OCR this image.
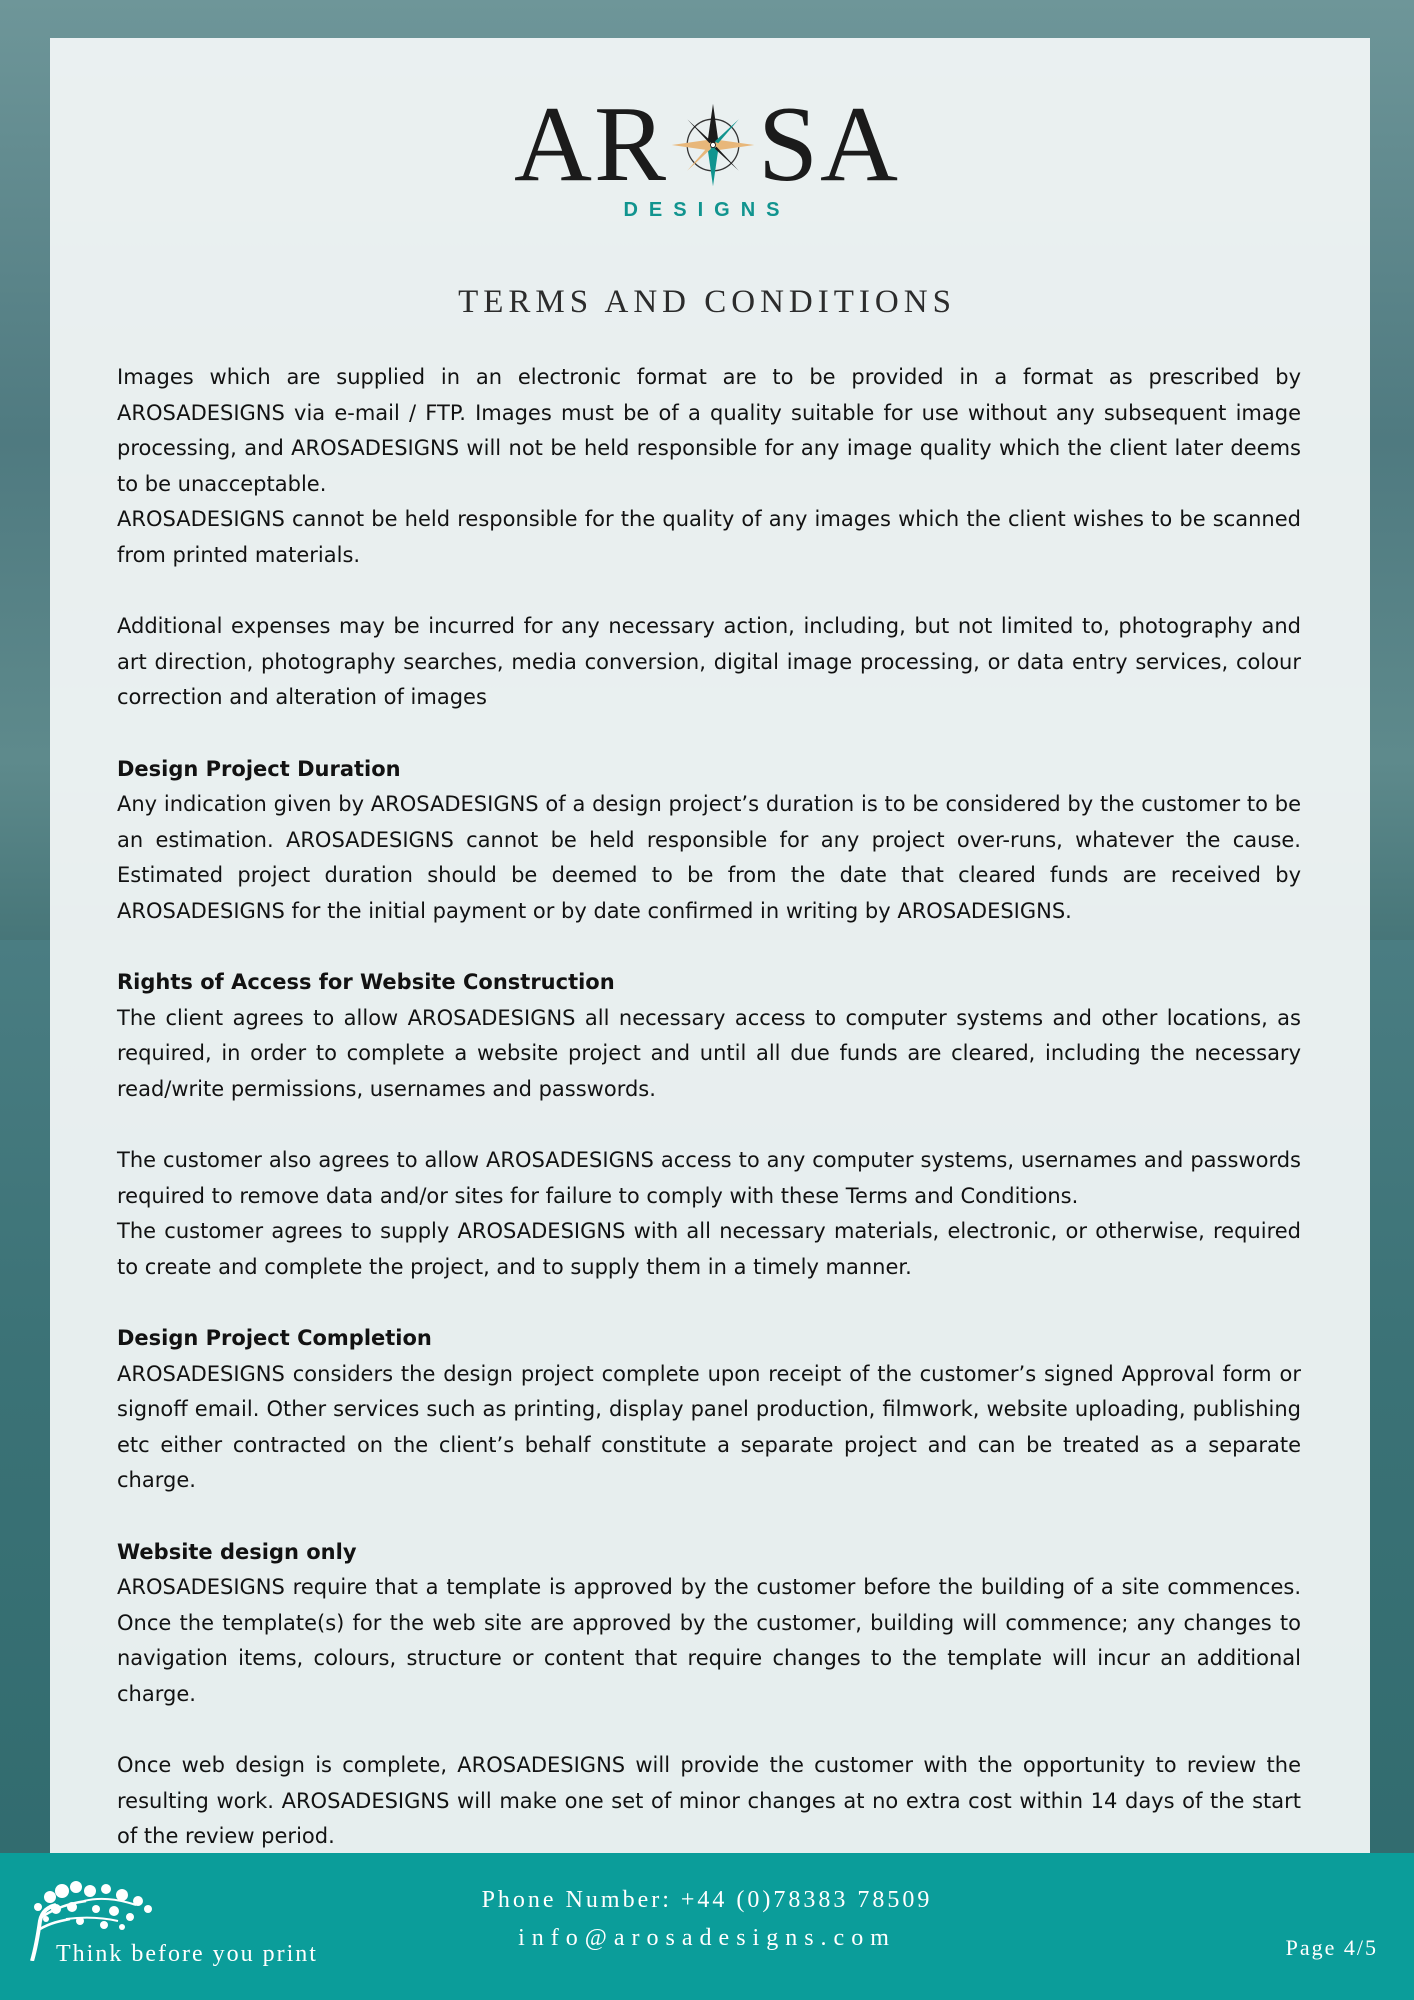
AR SA
DESIGNS
TERMS AND CONDITIONS

Images which are supplied in an electronic format are to be provided in a format as prescribed by AROSADESIGNS via e-mail / FTP. Images must be of a quality suitable for use without any subsequent image processing, and AROSADESIGNS will not be held responsible for any image quality which the client later deems to be unacceptable.

AROSADESIGNS cannot be held responsible for the quality of any images which the client wishes to be scanned from printed materials.

Additional expenses may be incurred for any necessary action, including, but not limited to, photography and art direction, photography searches, media conversion, digital image processing, or data entry services, colour correction and alteration of images

Design Project Duration

Any indication given by AROSADESIGNS of a design project’s duration is to be considered by the customer to be an estimation. AROSADESIGNS cannot be held responsible for any project over-runs, whatever the cause. Estimated project duration should be deemed to be from the date that cleared funds are received by AROSADESIGNS for the initial payment or by date confirmed in writing by AROSADESIGNS.

Rights of Access for Website Construction

The client agrees to allow AROSADESIGNS all necessary access to computer systems and other locations, as required, in order to complete a website project and until all due funds are cleared, including the necessary read/write permissions, usernames and passwords.

The customer also agrees to allow AROSADESIGNS access to any computer systems, usernames and passwords required to remove data and/or sites for failure to comply with these Terms and Conditions.

The customer agrees to supply AROSADESIGNS with all necessary materials, electronic, or otherwise, required to create and complete the project, and to supply them in a timely manner.

Design Project Completion

AROSADESIGNS considers the design project complete upon receipt of the customer’s signed Approval form or signoff email. Other services such as printing, display panel production, filmwork, website uploading, publishing etc either contracted on the client’s behalf constitute a separate project and can be treated as a separate charge.

Website design only

AROSADESIGNS require that a template is approved by the customer before the building of a site commences. Once the template(s) for the web site are approved by the customer, building will commence; any changes to navigation items, colours, structure or content that require changes to the template will incur an additional charge.

Once web design is complete, AROSADESIGNS will provide the customer with the opportunity to review the resulting work. AROSADESIGNS will make one set of minor changes at no extra cost within 14 days of the start of the review period.

Think before you print
Phone Number: +44 (0)78383 78509
info@arosadesigns.com	Page 4/5
